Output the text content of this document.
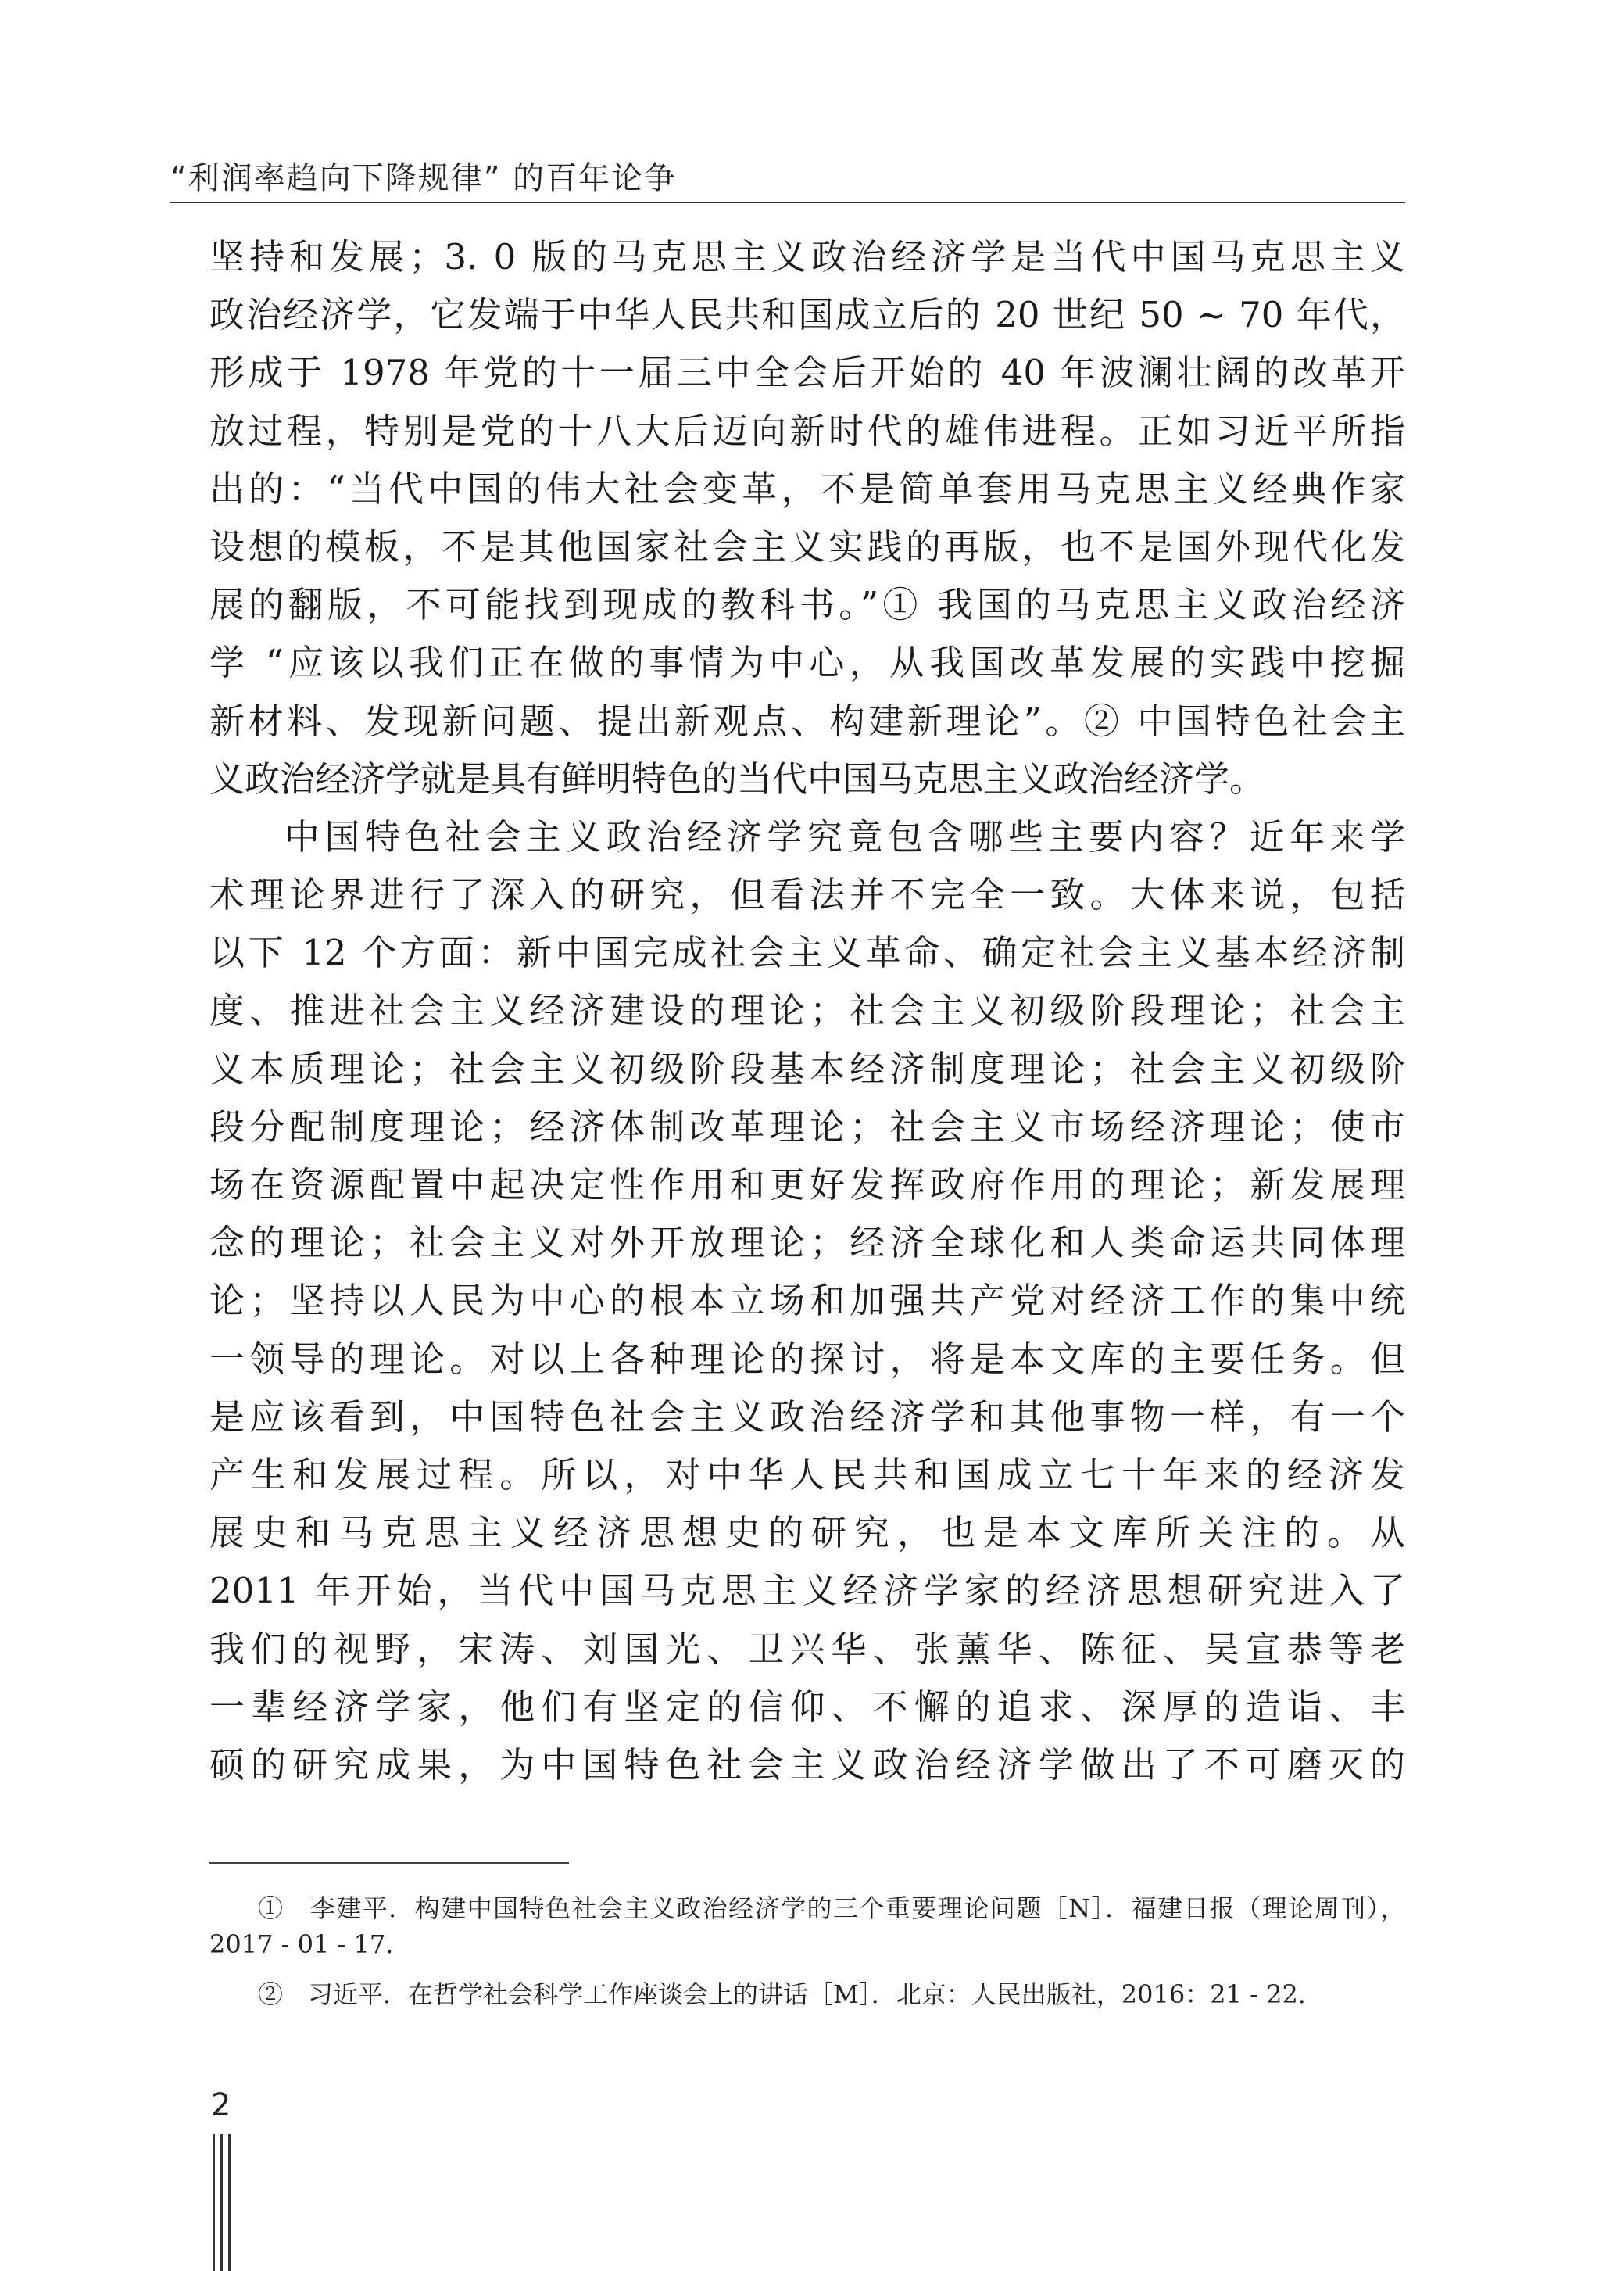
“利润率趋向下降规律” 的百年论争
坚持和发展；3. 0 版的马克思主义政治经济学是当代中国马克思主义
政治经济学，它发端于中华人民共和国成立后的 20 世纪 50 ~ 70 年代，
形成于 1978 年党的十一届三中全会后开始的 40 年波澜壮阔的改革开
放过程，特别是党的十八大后迈向新时代的雄伟进程。正如习近平所指
出的：“当代中国的伟大社会变革，不是简单套用马克思主义经典作家
设想的模板，不是其他国家社会主义实践的再版，也不是国外现代化发
展的翻版，不可能找到现成的教科书。”① 我国的马克思主义政治经济
学 “应该以我们正在做的事情为中心，从我国改革发展的实践中挖掘
新材料、发现新问题、提出新观点、构建新理论”。② 中国特色社会主
义政治经济学就是具有鲜明特色的当代中国马克思主义政治经济学。
中国特色社会主义政治经济学究竟包含哪些主要内容？近年来学
术理论界进行了深入的研究，但看法并不完全一致。大体来说，包括
以下 12 个方面：新中国完成社会主义革命、确定社会主义基本经济制
度、推进社会主义经济建设的理论；社会主义初级阶段理论；社会主
义本质理论；社会主义初级阶段基本经济制度理论；社会主义初级阶
段分配制度理论；经济体制改革理论；社会主义市场经济理论；使市
场在资源配置中起决定性作用和更好发挥政府作用的理论；新发展理
念的理论；社会主义对外开放理论；经济全球化和人类命运共同体理
论；坚持以人民为中心的根本立场和加强共产党对经济工作的集中统
一领导的理论。对以上各种理论的探讨，将是本文库的主要任务。但
是应该看到，中国特色社会主义政治经济学和其他事物一样，有一个
产生和发展过程。所以，对中华人民共和国成立七十年来的经济发
展史和马克思主义经济思想史的研究，也是本文库所关注的。从
2011 年开始，当代中国马克思主义经济学家的经济思想研究进入了
我们的视野，宋涛、刘国光、卫兴华、张薰华、陈征、吴宣恭等老
一辈经济学家，他们有坚定的信仰、不懈的追求、深厚的造诣、丰
硕的研究成果，为中国特色社会主义政治经济学做出了不可磨灭的
①　李建平．构建中国特色社会主义政治经济学的三个重要理论问题［N］．福建日报（理论周刊），
2017 - 01 - 17．
②　习近平．在哲学社会科学工作座谈会上的讲话［M］．北京：人民出版社，2016：21 - 22．
2
